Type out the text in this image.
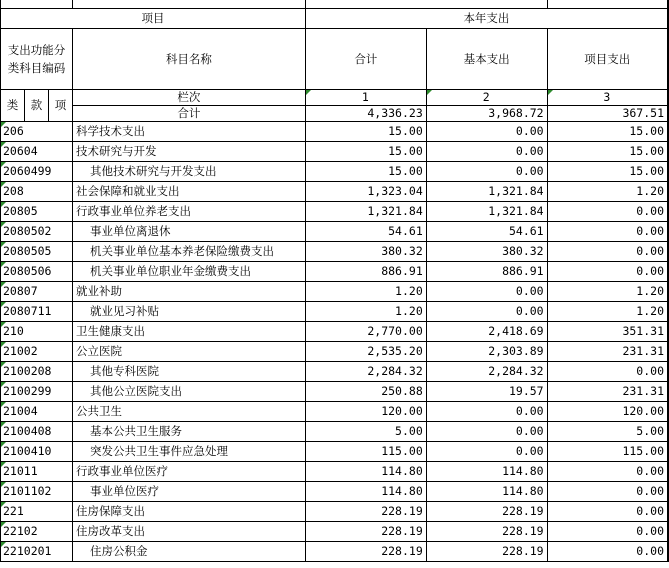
项目				本年支出		
支出功能分类科目编码			科目名称	合计	基本支出	项目支出
类	款	项	栏次	1	2	3
			合计	4,336.23	3,968.72	367.51
206			科学技术支出	15.00	0.00	15.00
20604			技术研究与开发	15.00	0.00	15.00
2060499			其他技术研究与开发支出	15.00	0.00	15.00
208			社会保障和就业支出	1,323.04	1,321.84	1.20
20805			行政事业单位养老支出	1,321.84	1,321.84	0.00
2080502			事业单位离退休	54.61	54.61	0.00
2080505			机关事业单位基本养老保险缴费支出	380.32	380.32	0.00
2080506			机关事业单位职业年金缴费支出	886.91	886.91	0.00
20807			就业补助	1.20	0.00	1.20
2080711			就业见习补贴	1.20	0.00	1.20
210			卫生健康支出	2,770.00	2,418.69	351.31
21002			公立医院	2,535.20	2,303.89	231.31
2100208			其他专科医院	2,284.32	2,284.32	0.00
2100299			其他公立医院支出	250.88	19.57	231.31
21004			公共卫生	120.00	0.00	120.00
2100408			基本公共卫生服务	5.00	0.00	5.00
2100410			突发公共卫生事件应急处理	115.00	0.00	115.00
21011			行政事业单位医疗	114.80	114.80	0.00
2101102			事业单位医疗	114.80	114.80	0.00
221			住房保障支出	228.19	228.19	0.00
22102			住房改革支出	228.19	228.19	0.00
2210201			住房公积金	228.19	228.19	0.00
